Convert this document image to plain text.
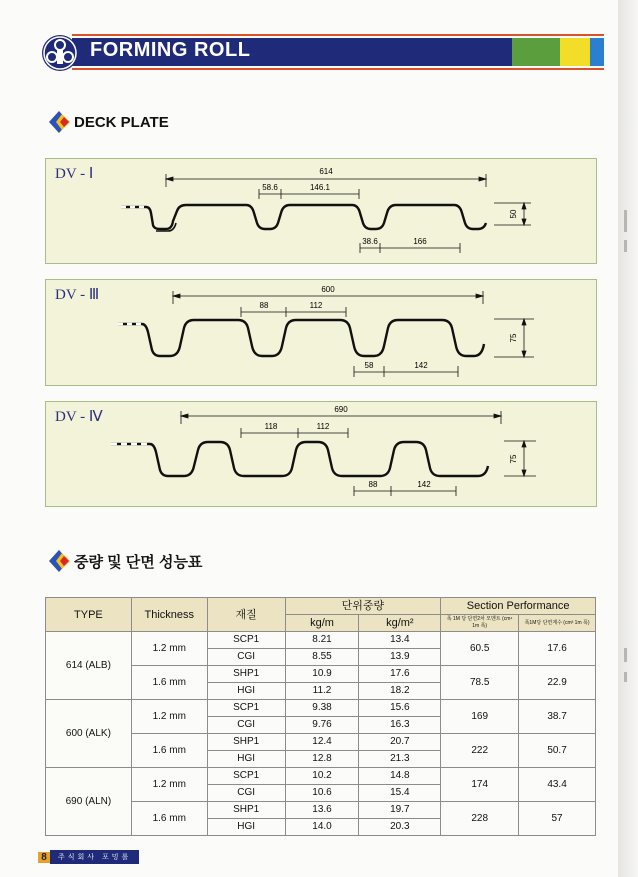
FORMING ROLL
DECK PLATE
DV - Ⅰ	614
58.6	146.1
38.6	166
50
DV - Ⅲ	600
88	112
58	142
75
DV - Ⅳ	690
118	112
88	142
75
중량 및 단면 성능표
TYPE	Thickness	재질	단위중량		Section Performance	
			kg/m	kg/m²	폭 1M 당 단면2차 모멘트 (cm⁴ 1m 폭)	폭1M당 단면계수 (cm³ 1m 폭)
614 (ALB)	1.2 mm	SCP1	8.21	13.4	60.5	17.6
		CGI	8.55	13.9		
	1.6 mm	SHP1	10.9	17.6	78.5	22.9
		HGI	11.2	18.2		
600 (ALK)	1.2 mm	SCP1	9.38	15.6	169	38.7
		CGI	9.76	16.3		
	1.6 mm	SHP1	12.4	20.7	222	50.7
		HGI	12.8	21.3		
690 (ALN)	1.2 mm	SCP1	10.2	14.8	174	43.4
		CGI	10.6	15.4		
	1.6 mm	SHP1	13.6	19.7	228	57
		HGI	14.0	20.3		
8	주식회사 포밍롤
